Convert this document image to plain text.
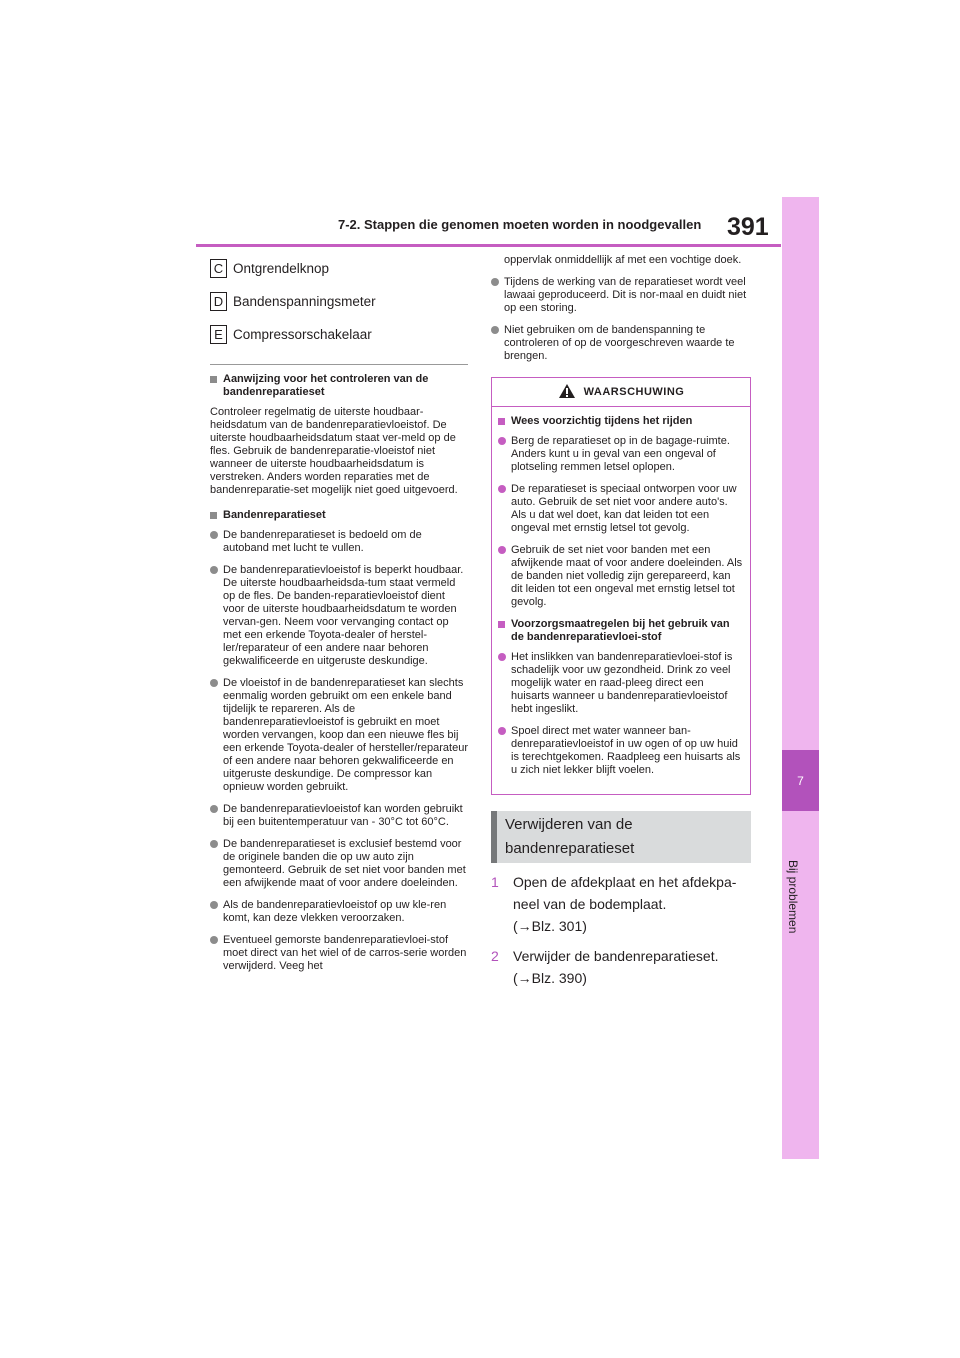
7-2. Stappen die genomen moeten worden in noodgevallen 391
7
Bij problemen
C Ontgrendelknop
D Bandenspanningsmeter
E Compressorschakelaar
Aanwijzing voor het controleren van de bandenreparatieset
Controleer regelmatig de uiterste houdbaar-heidsdatum van de bandenreparatievloeistof. De uiterste houdbaarheidsdatum staat ver-meld op de fles. Gebruik de bandenreparatie-vloeistof niet wanneer de uiterste houdbaarheidsdatum is verstreken. Anders worden reparaties met de bandenreparatie-set mogelijk niet goed uitgevoerd.
Bandenreparatieset
De bandenreparatieset is bedoeld om de autoband met lucht te vullen.
De bandenreparatievloeistof is beperkt houdbaar. De uiterste houdbaarheidsda-tum staat vermeld op de fles. De banden-reparatievloeistof dient voor de uiterste houdbaarheidsdatum te worden vervan-gen. Neem voor vervanging contact op met een erkende Toyota-dealer of herstel-ler/reparateur of een andere naar behoren gekwalificeerde en uitgeruste deskundige.
De vloeistof in de bandenreparatieset kan slechts eenmalig worden gebruikt om een enkele band tijdelijk te repareren. Als de bandenreparatievloeistof is gebruikt en moet worden vervangen, koop dan een nieuwe fles bij een erkende Toyota-dealer of hersteller/reparateur of een andere naar behoren gekwalificeerde en uitgeruste deskundige. De compressor kan opnieuw worden gebruikt.
De bandenreparatievloeistof kan worden gebruikt bij een buitentemperatuur van - 30°C tot 60°C.
De bandenreparatieset is exclusief bestemd voor de originele banden die op uw auto zijn gemonteerd. Gebruik de set niet voor banden met een afwijkende maat of voor andere doeleinden.
Als de bandenreparatievloeistof op uw kle-ren komt, kan deze vlekken veroorzaken.
Eventueel gemorste bandenreparatievloei-stof moet direct van het wiel of de carros-serie worden verwijderd. Veeg het
oppervlak onmiddellijk af met een vochtige doek.
Tijdens de werking van de reparatieset wordt veel lawaai geproduceerd. Dit is nor-maal en duidt niet op een storing.
Niet gebruiken om de bandenspanning te controleren of op de voorgeschreven waarde te brengen.
WAARSCHUWING
Wees voorzichtig tijdens het rijden
Berg de reparatieset op in de bagage-ruimte. Anders kunt u in geval van een ongeval of plotseling remmen letsel oplopen.
De reparatieset is speciaal ontworpen voor uw auto. Gebruik de set niet voor andere auto's. Als u dat wel doet, kan dat leiden tot een ongeval met ernstig letsel tot gevolg.
Gebruik de set niet voor banden met een afwijkende maat of voor andere doeleinden. Als de banden niet volledig zijn gerepareerd, kan dit leiden tot een ongeval met ernstig letsel tot gevolg.
Voorzorgsmaatregelen bij het gebruik van de bandenreparatievloei-stof
Het inslikken van bandenreparatievloei-stof is schadelijk voor uw gezondheid. Drink zo veel mogelijk water en raad-pleeg direct een huisarts wanneer u bandenreparatievloeistof hebt ingeslikt.
Spoel direct met water wanneer ban-denreparatievloeistof in uw ogen of op uw huid is terechtgekomen. Raadpleeg een huisarts als u zich niet lekker blijft voelen.
Verwijderen van de bandenreparatieset
1	Open de afdekplaat en het afdekpa-neel van de bodemplaat.
(→Blz. 301)
2	Verwijder de bandenreparatieset.
(→Blz. 390)
